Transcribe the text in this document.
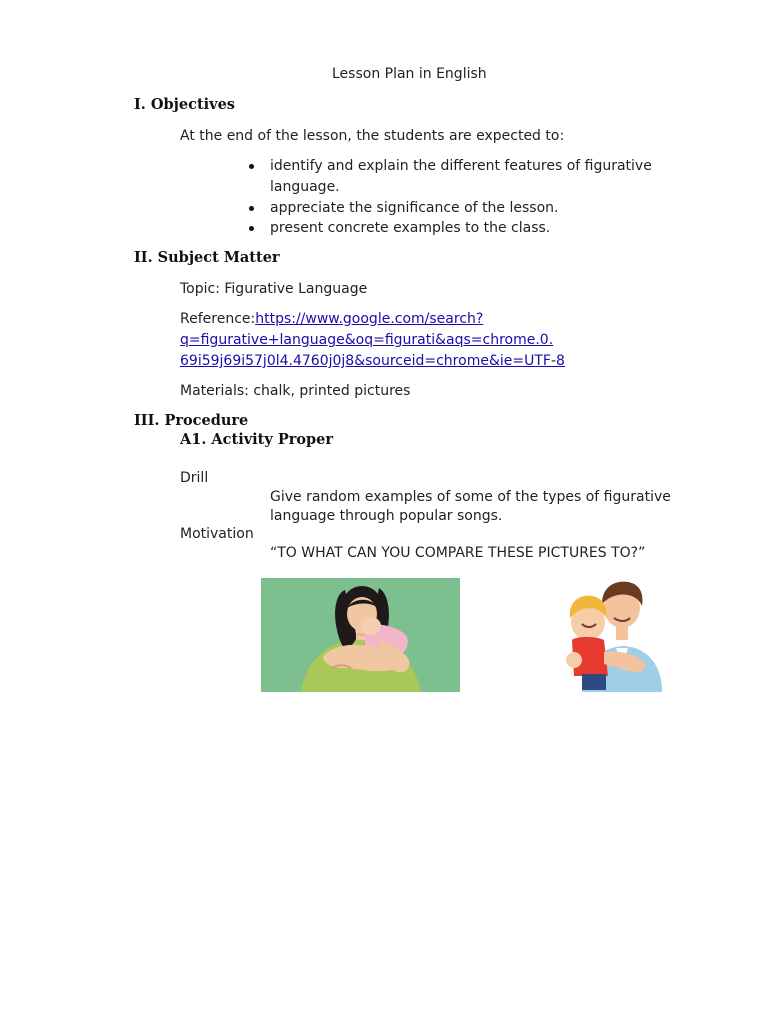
Lesson Plan in English
I. Objectives
At the end of the lesson, the students are expected to:
identify and explain the different features of figurative
language.
appreciate the significance of the lesson.
present concrete examples to the class.
II. Subject Matter
Topic: Figurative Language
Reference:https://www.google.com/search?
q=figurative+language&oq=figurati&aqs=chrome.0.
69i59j69i57j0l4.4760j0j8&sourceid=chrome&ie=UTF-8
Materials: chalk, printed pictures
III. Procedure
A1. Activity Proper
Drill
Give random examples of some of the types of figurative
language through popular songs.
Motivation
“TO WHAT CAN YOU COMPARE THESE PICTURES TO?”
